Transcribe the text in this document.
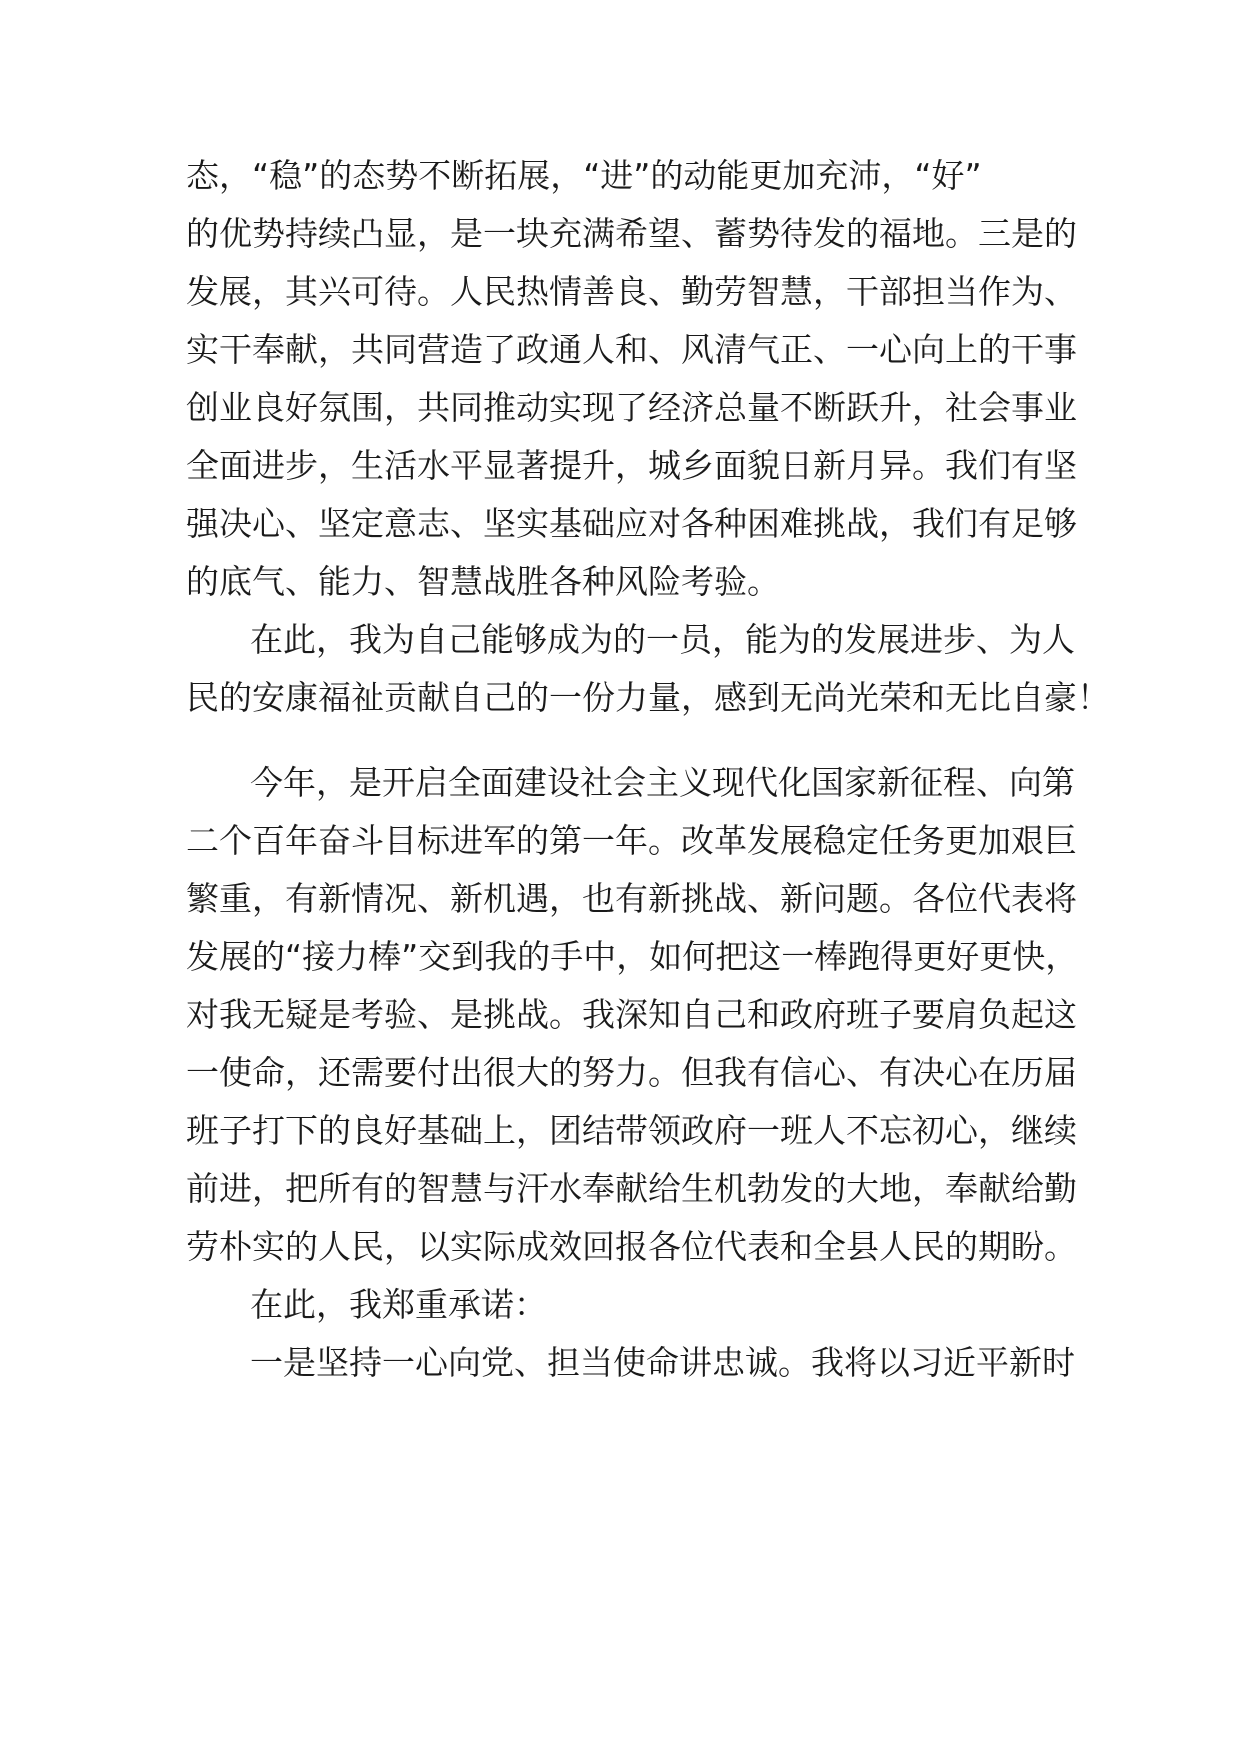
态，“稳”的态势不断拓展，“进”的动能更加充沛，“好”
的优势持续凸显，是一块充满希望、蓄势待发的福地。三是的
发展，其兴可待。人民热情善良、勤劳智慧，干部担当作为、
实干奉献，共同营造了政通人和、风清气正、一心向上的干事
创业良好氛围，共同推动实现了经济总量不断跃升，社会事业
全面进步，生活水平显著提升，城乡面貌日新月异。我们有坚
强决心、坚定意志、坚实基础应对各种困难挑战，我们有足够
的底气、能力、智慧战胜各种风险考验。
在此，我为自己能够成为的一员，能为的发展进步、为人
民的安康福祉贡献自己的一份力量，感到无尚光荣和无比自豪！
今年，是开启全面建设社会主义现代化国家新征程、向第
二个百年奋斗目标进军的第一年。改革发展稳定任务更加艰巨
繁重，有新情况、新机遇，也有新挑战、新问题。各位代表将
发展的“接力棒”交到我的手中，如何把这一棒跑得更好更快，
对我无疑是考验、是挑战。我深知自己和政府班子要肩负起这
一使命，还需要付出很大的努力。但我有信心、有决心在历届
班子打下的良好基础上，团结带领政府一班人不忘初心，继续
前进，把所有的智慧与汗水奉献给生机勃发的大地，奉献给勤
劳朴实的人民，以实际成效回报各位代表和全县人民的期盼。
在此，我郑重承诺：
一是坚持一心向党、担当使命讲忠诚。我将以习近平新时
